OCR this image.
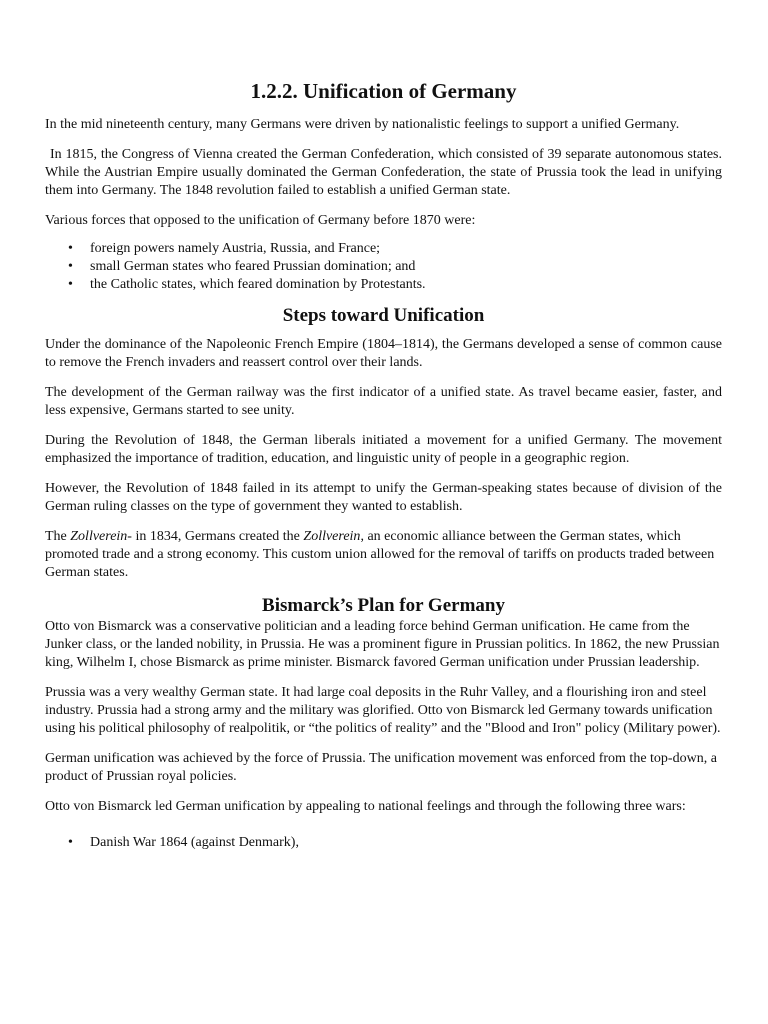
1.2.2. Unification of Germany

In the mid nineteenth century, many Germans were driven by nationalistic feelings to support a unified Germany.

In 1815, the Congress of Vienna created the German Confederation, which consisted of 39 separate autonomous states. While the Austrian Empire usually dominated the German Confederation, the state of Prussia took the lead in unifying them into Germany. The 1848 revolution failed to establish a unified German state.

Various forces that opposed to the unification of Germany before 1870 were:

• foreign powers namely Austria, Russia, and France;
• small German states who feared Prussian domination; and
• the Catholic states, which feared domination by Protestants.
Steps toward Unification

Under the dominance of the Napoleonic French Empire (1804–1814), the Germans developed a sense of common cause to remove the French invaders and reassert control over their lands.

The development of the German railway was the first indicator of a unified state. As travel became easier, faster, and less expensive, Germans started to see unity.

During the Revolution of 1848, the German liberals initiated a movement for a unified Germany. The movement emphasized the importance of tradition, education, and linguistic unity of people in a geographic region.

However, the Revolution of 1848 failed in its attempt to unify the German-speaking states because of division of the German ruling classes on the type of government they wanted to establish.

The Zollverein- in 1834, Germans created the Zollverein, an economic alliance between the German states, which promoted trade and a strong economy. This custom union allowed for the removal of tariffs on products traded between German states.

Bismarck’s Plan for Germany

Otto von Bismarck was a conservative politician and a leading force behind German unification. He came from the Junker class, or the landed nobility, in Prussia. He was a prominent figure in Prussian politics. In 1862, the new Prussian king, Wilhelm I, chose Bismarck as prime minister. Bismarck favored German unification under Prussian leadership.

Prussia was a very wealthy German state. It had large coal deposits in the Ruhr Valley, and a flourishing iron and steel industry. Prussia had a strong army and the military was glorified. Otto von Bismarck led Germany towards unification using his political philosophy of realpolitik, or “the politics of reality” and the "Blood and Iron" policy (Military power).

German unification was achieved by the force of Prussia. The unification movement was enforced from the top-down, a product of Prussian royal policies.

Otto von Bismarck led German unification by appealing to national feelings and through the following three wars:

• Danish War 1864 (against Denmark),
